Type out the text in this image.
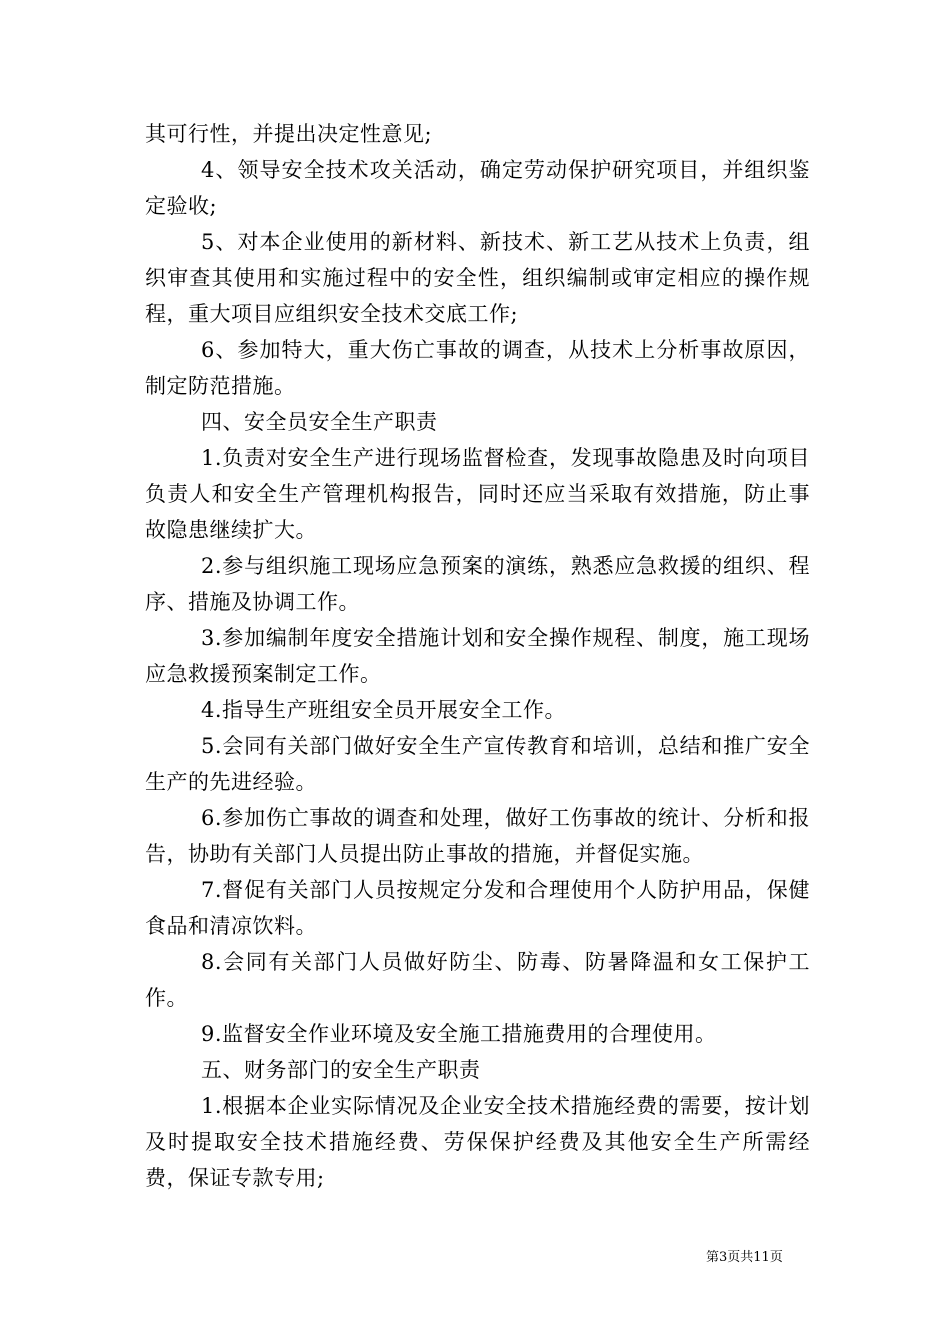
其可行性，并提出决定性意见;

4、领导安全技术攻关活动，确定劳动保护研究项目，并组织鉴定验收;

5、对本企业使用的新材料、新技术、新工艺从技术上负责，组织审查其使用和实施过程中的安全性，组织编制或审定相应的操作规程，重大项目应组织安全技术交底工作;

6、参加特大，重大伤亡事故的调查，从技术上分析事故原因，制定防范措施。

四、安全员安全生产职责

1.负责对安全生产进行现场监督检查，发现事故隐患及时向项目负责人和安全生产管理机构报告，同时还应当采取有效措施，防止事故隐患继续扩大。

2.参与组织施工现场应急预案的演练，熟悉应急救援的组织、程序、措施及协调工作。

3.参加编制年度安全措施计划和安全操作规程、制度，施工现场应急救援预案制定工作。

4.指导生产班组安全员开展安全工作。

5.会同有关部门做好安全生产宣传教育和培训，总结和推广安全生产的先进经验。

6.参加伤亡事故的调查和处理，做好工伤事故的统计、分析和报告，协助有关部门人员提出防止事故的措施，并督促实施。

7.督促有关部门人员按规定分发和合理使用个人防护用品，保健食品和清凉饮料。

8.会同有关部门人员做好防尘、防毒、防暑降温和女工保护工作。

9.监督安全作业环境及安全施工措施费用的合理使用。

五、财务部门的安全生产职责

1.根据本企业实际情况及企业安全技术措施经费的需要，按计划及时提取安全技术措施经费、劳保保护经费及其他安全生产所需经费，保证专款专用;

第3页共11页
